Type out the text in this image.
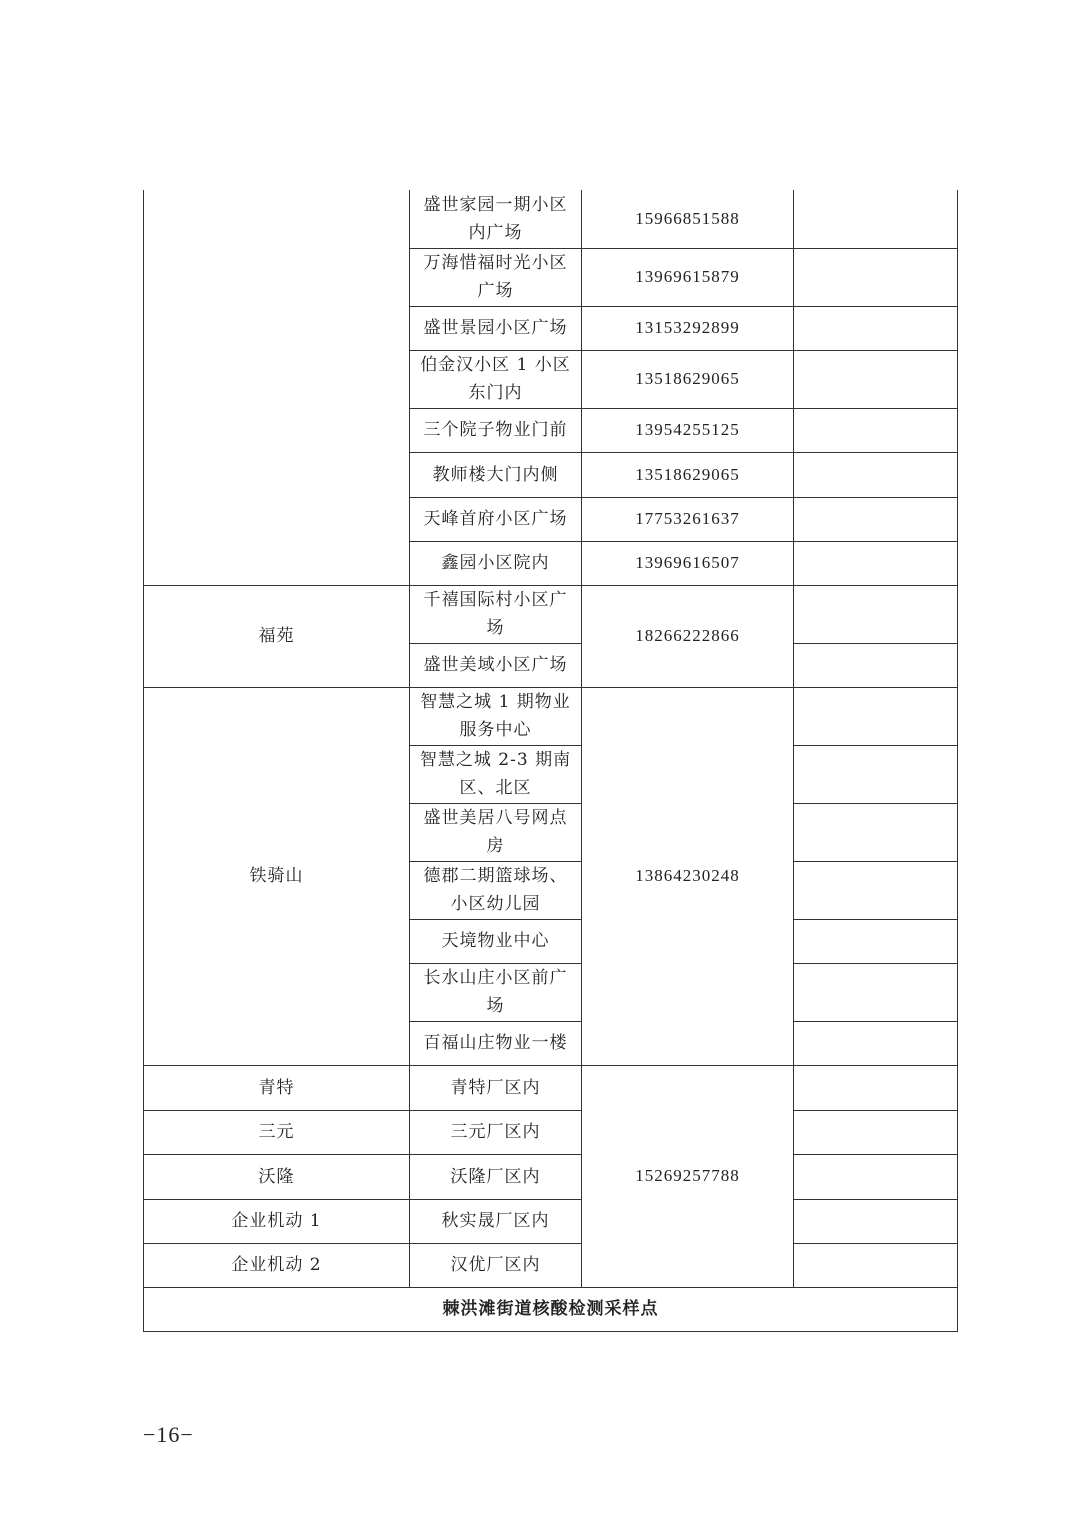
	盛世家园一期小区内广场	15966851588	
	万海惜福时光小区广场	13969615879	
	盛世景园小区广场	13153292899	
	伯金汉小区 1 小区东门内	13518629065	
	三个院子物业门前	13954255125	
	教师楼大门内侧	13518629065	
	天峰首府小区广场	17753261637	
	鑫园小区院内	13969616507	
福苑	千禧国际村小区广场	18266222866	
	盛世美域小区广场		
铁骑山	智慧之城 1 期物业服务中心	13864230248	
	智慧之城 2-3 期南区、北区		
	盛世美居八号网点房		
	德郡二期篮球场、小区幼儿园		
	天境物业中心		
	长水山庄小区前广场		
	百福山庄物业一楼		
青特	青特厂区内	15269257788	
三元	三元厂区内		
沃隆	沃隆厂区内		
企业机动 1	秋实晟厂区内		
企业机动 2	汉优厂区内		
棘洪滩街道核酸检测采样点			
−16−
